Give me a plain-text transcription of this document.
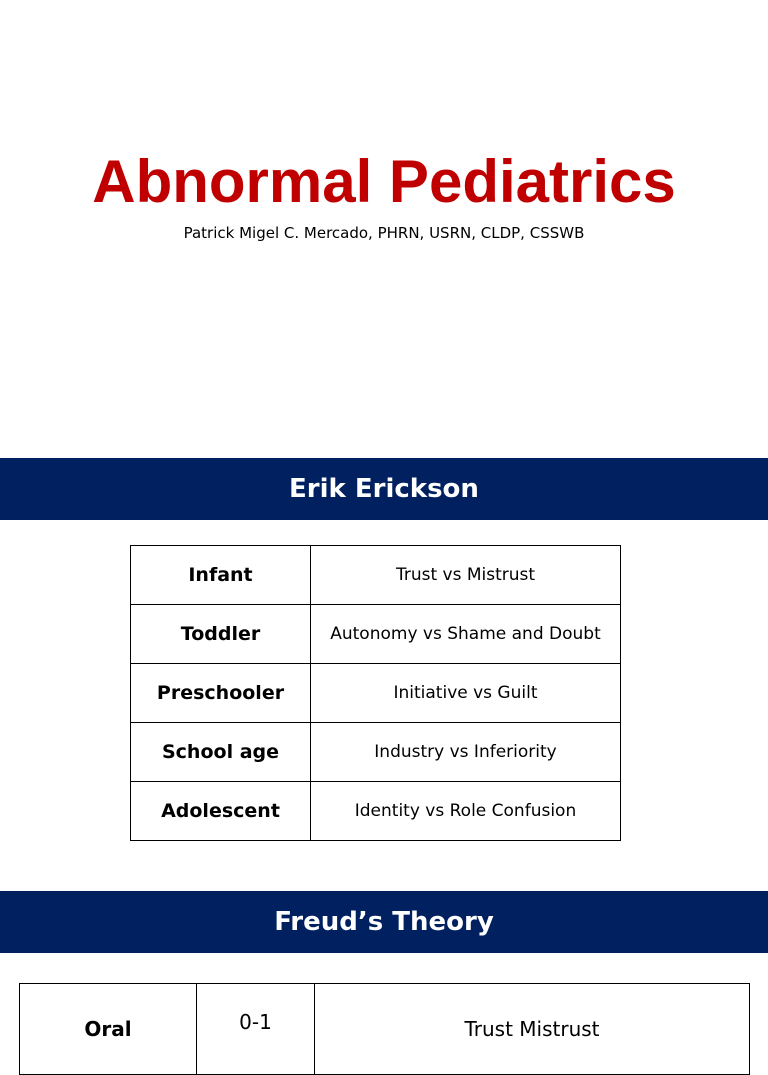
Abnormal Pediatrics
Patrick Migel C. Mercado, PHRN, USRN, CLDP, CSSWB
Erik Erickson
Infant	Trust vs Mistrust
Toddler	Autonomy vs Shame and Doubt
Preschooler	Initiative vs Guilt
School age	Industry vs Inferiority
Adolescent	Identity vs Role Confusion
Freud’s Theory
Oral	0-1	Trust Mistrust
